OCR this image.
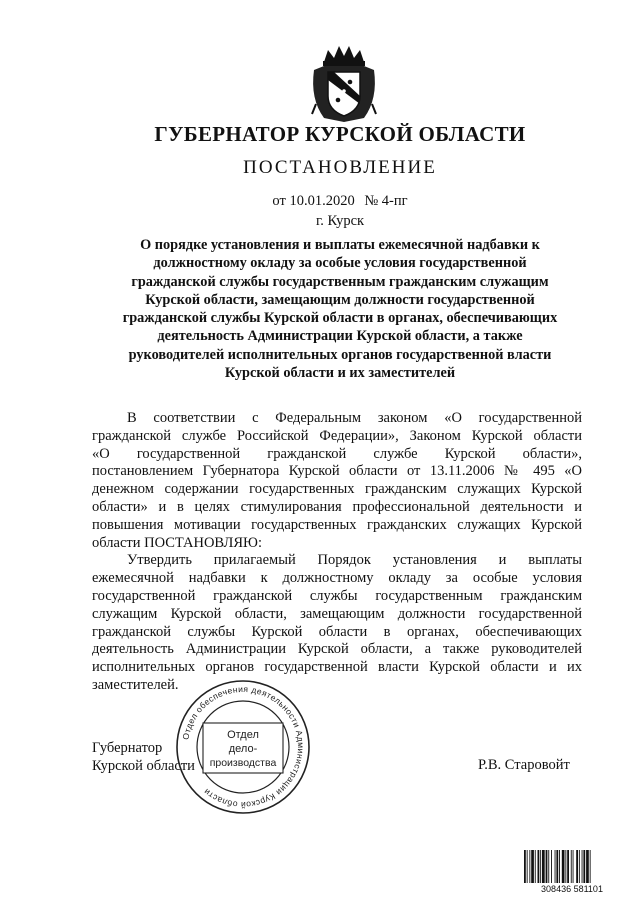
ГУБЕРНАТОР КУРСКОЙ ОБЛАСТИ
ПОСТАНОВЛЕНИЕ
от 10.01.2020 № 4-пг
г. Курск
О порядке установления и выплаты ежемесячной надбавки к
должностному окладу за особые условия государственной
гражданской службы государственным гражданским служащим
Курской области, замещающим должности государственной
гражданской службы Курской области в органах, обеспечивающих
деятельность Администрации Курской области, а также
руководителей исполнительных органов государственной власти
Курской области и их заместителей
В соответствии с Федеральным законом «О государственной
гражданской службе Российской Федерации», Законом Курской области
«О государственной гражданской службе Курской области»,
постановлением Губернатора Курской области от 13.11.2006 № 495 «О
денежном содержании государственных гражданским служащих Курской
области» и в целях стимулирования профессиональной деятельности и
повышения мотивации государственных гражданских служащих Курской
области ПОСТАНОВЛЯЮ:
Утвердить прилагаемый Порядок установления и выплаты
ежемесячной надбавки к должностному окладу за особые условия
государственной гражданской службы государственным гражданским
служащим Курской области, замещающим должности государственной
гражданской службы Курской области в органах, обеспечивающих
деятельность Администрации Курской области, а также руководителей
исполнительных органов государственной власти Курской области и их
заместителей.
Губернатор
Курской области	Р.В. Старовойт
Отдел обеспечения деятельности Администрации Курской области
Отдел
дело-
производства
308436 581101
